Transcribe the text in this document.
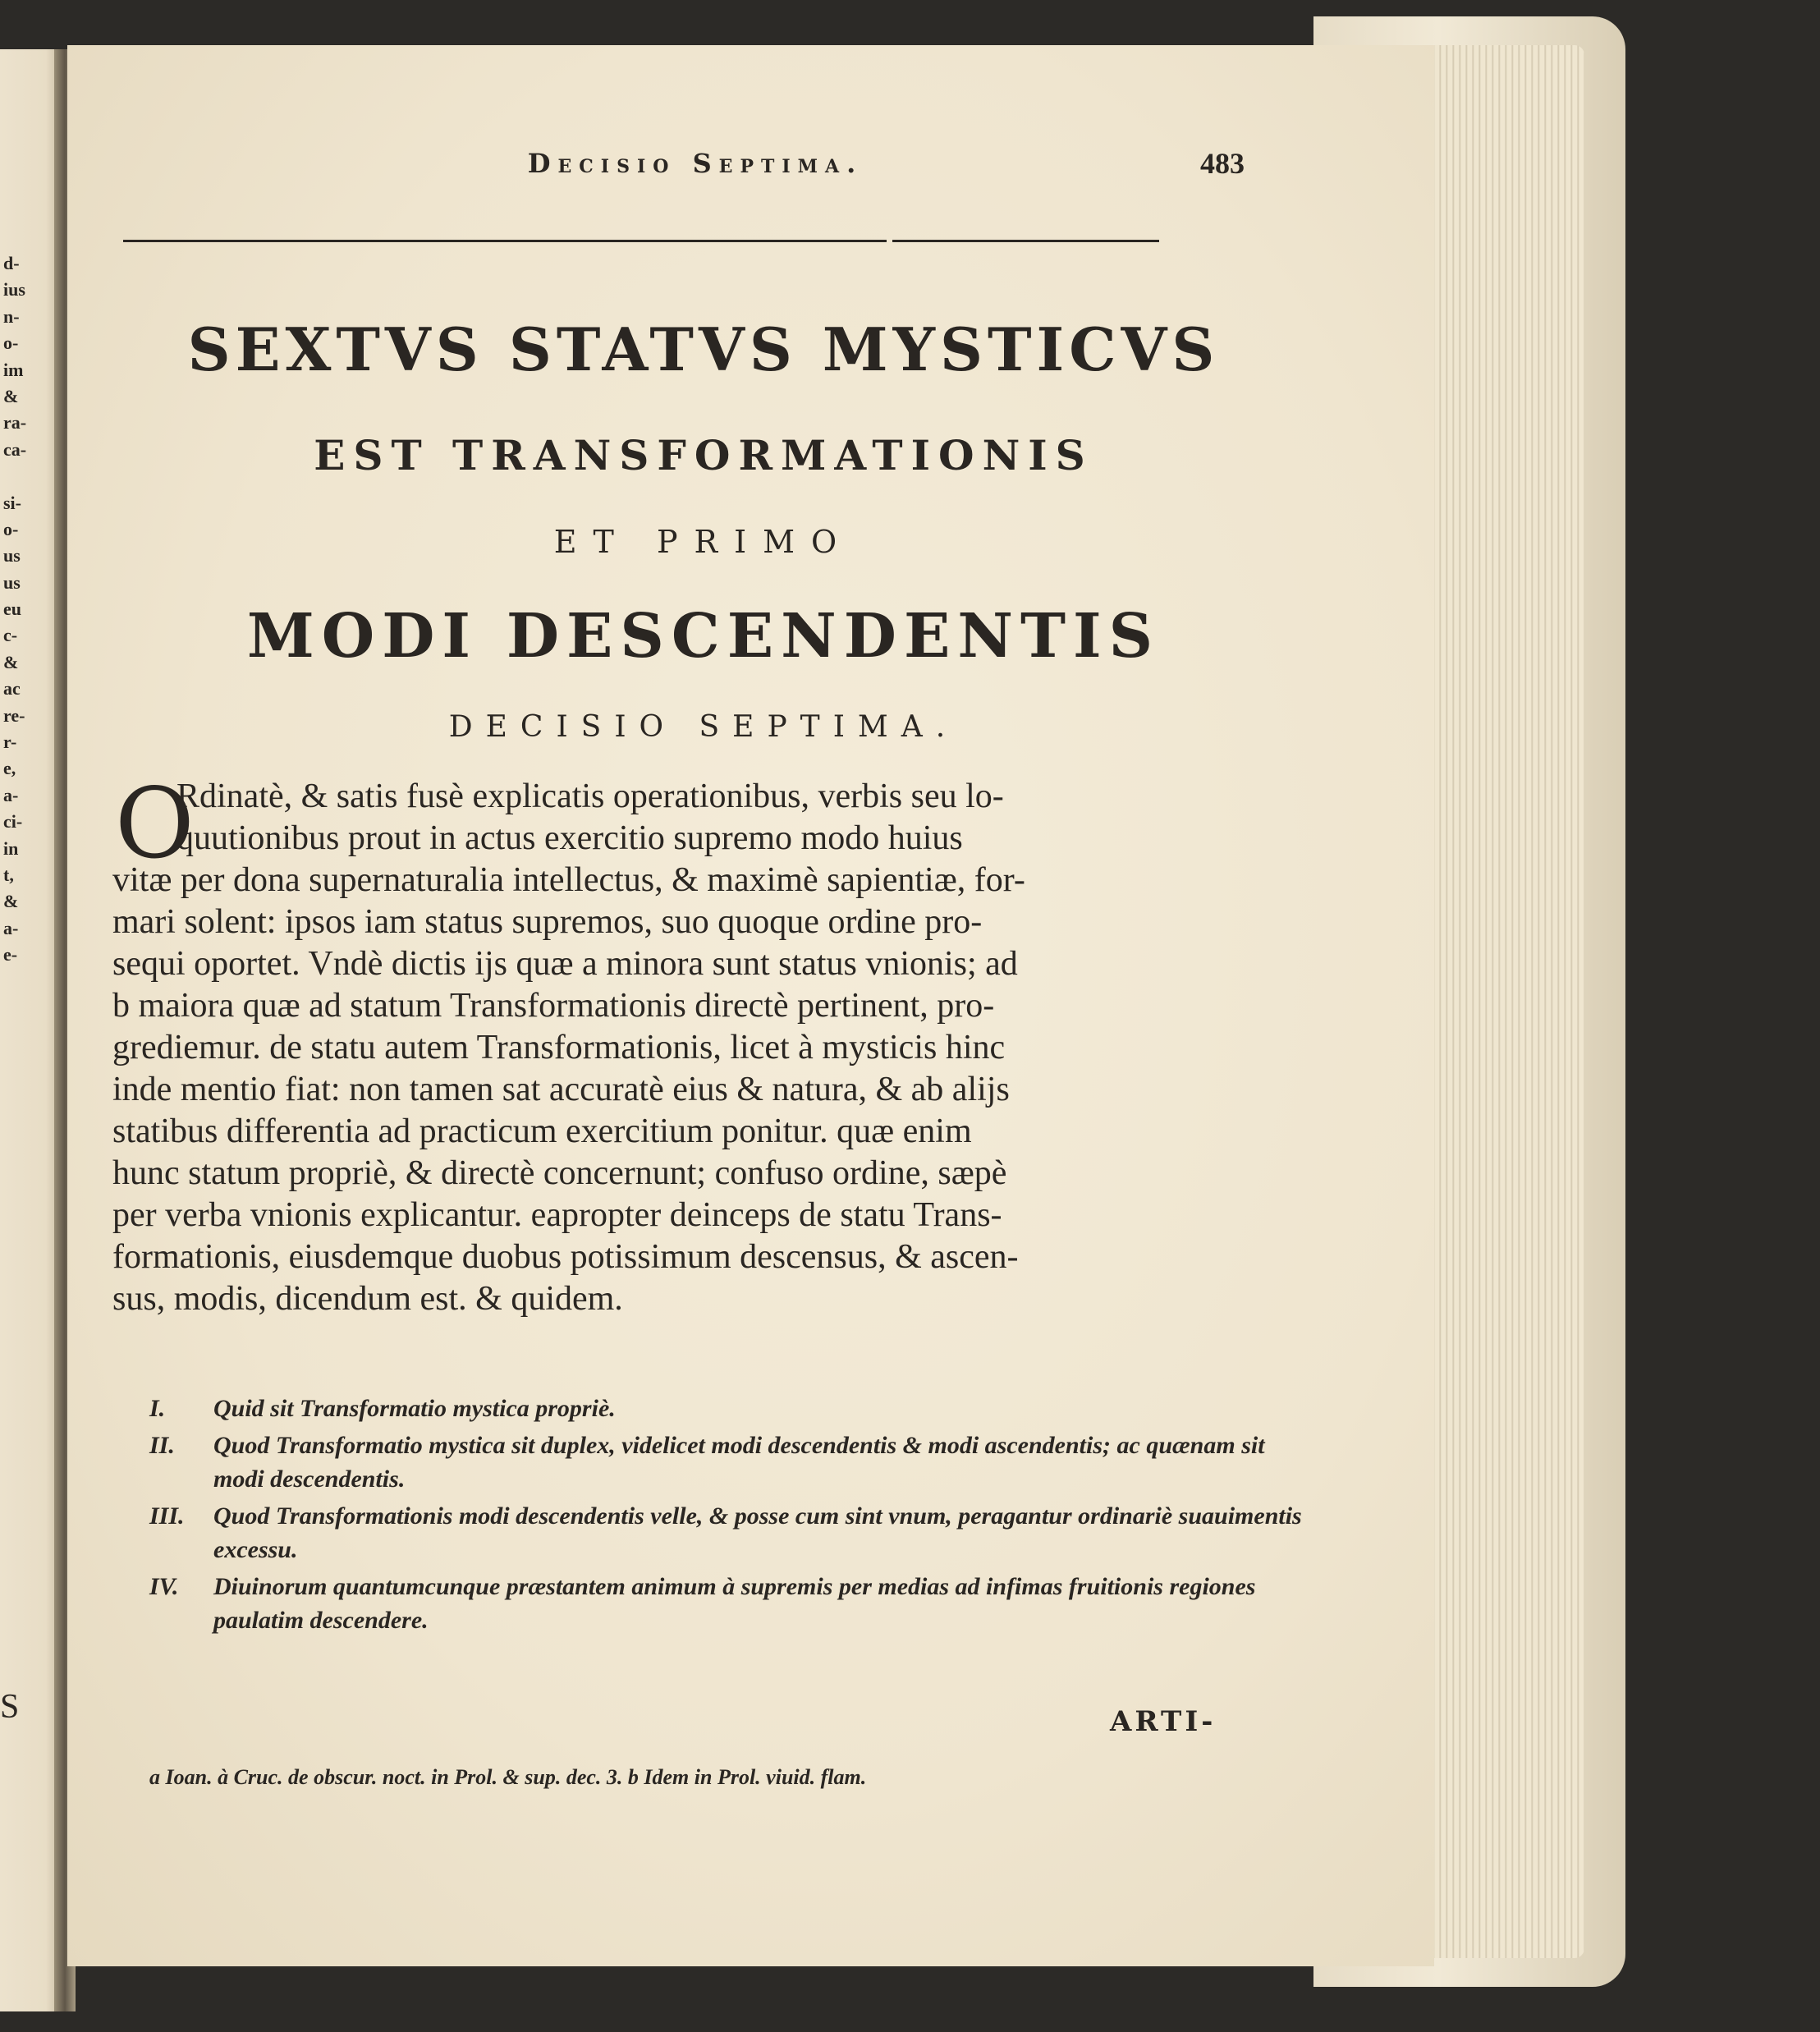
d-
ius
n-
o-
im
&
ra-
ca-
si-
o-
us
us
eu
c-
&
ac
re-
r-
e,
a-
ci-
in
t,
&
a-
e-
S
Decisio Septima.	483
SEXTVS STATVS MYSTICVS
EST TRANSFORMATIONIS
ET PRIMO
MODI DESCENDENTIS
DECISIO SEPTIMA.
O
Rdinatè, & satis fusè explicatis operationibus, verbis seu lo-
quutionibus prout in actus exercitio supremo modo huius
vitæ per dona supernaturalia intellectus, & maximè sapientiæ, for-
mari solent: ipsos iam status supremos, suo quoque ordine pro-
sequi oportet. Vndè dictis ijs quæ a minora sunt status vnionis; ad
b maiora quæ ad statum Transformationis directè pertinent, pro-
grediemur. de statu autem Transformationis, licet à mysticis hinc
inde mentio fiat: non tamen sat accuratè eius & natura, & ab alijs
statibus differentia ad practicum exercitium ponitur. quæ enim
hunc statum propriè, & directè concernunt; confuso ordine, sæpè
per verba vnionis explicantur. eapropter deinceps de statu Trans-
formationis, eiusdemque duobus potissimum descensus, & ascen-
sus, modis, dicendum est. & quidem.
I. Quid sit Transformatio mystica propriè.
II. Quod Transformatio mystica sit duplex, videlicet modi descendentis & modi ascendentis; ac quænam sit modi descendentis.
III. Quod Transformationis modi descendentis velle, & posse cum sint vnum, peragantur ordinariè suauimentis excessu.
IV. Diuinorum quantumcunque præstantem animum à supremis per medias ad infimas fruitionis regiones paulatim descendere.
ARTI-
a Ioan. à Cruc. de obscur. noct. in Prol. & sup. dec. 3. b Idem in Prol. viuid. flam.
